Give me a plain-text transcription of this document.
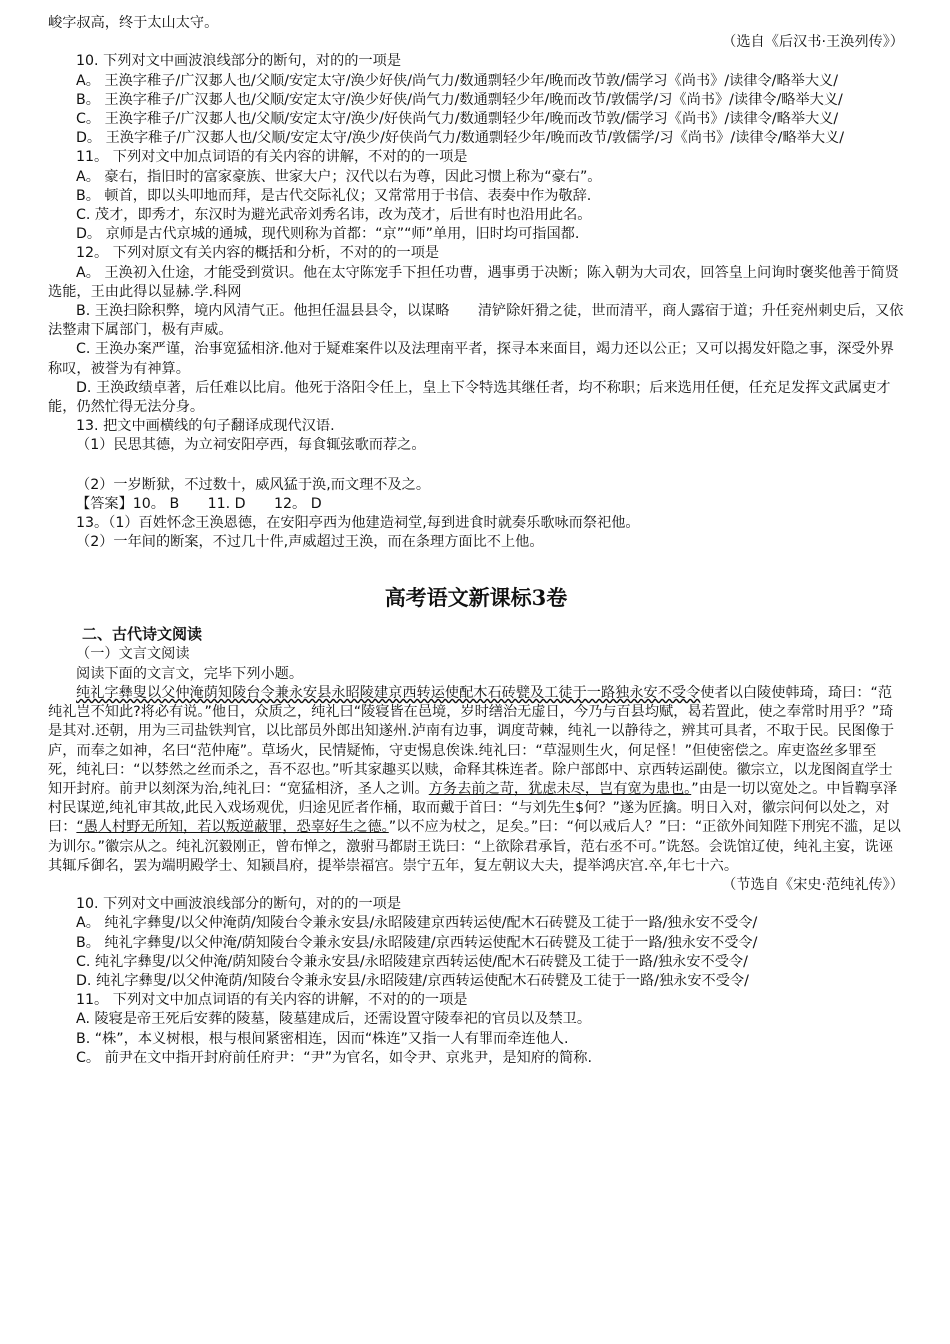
峻字叔高，终于太山太守。

（选自《后汉书·王涣列传》）

10. 下列对文中画波浪线部分的断句，对的的一项是

A。 王涣字稚子/广汉郪人也/父顺/安定太守/涣少好侠/尚气力/数通剽轻少年/晚而改节敦/儒学习《尚书》/读律令/略举大义/

B。 王涣字稚子/广汉郪人也/父顺/安定太守/涣少好侠/尚气力/数通剽轻少年/晚而改节/敦儒学/习《尚书》/读律令/略举大义/

C。 王涣字稚子/广汉郪人也/父顺/安定太守/涣少/好侠尚气力/数通剽轻少年/晚而改节敦/儒学习《尚书》/读律令/略举大义/

D。 王涣字稚子/广汉郪人也/父顺/安定太守/涣少/好侠尚气力/数通剽轻少年/晚而改节/敦儒学/习《尚书》/读律令/略举大义/

11。 下列对文中加点词语的有关内容的讲解，不对的的一项是

A。 豪右，指旧时的富家豪族、世家大户；汉代以右为尊，因此习惯上称为“豪右”。

B。 顿首，即以头叩地而拜，是古代交际礼仪；又常常用于书信、表奏中作为敬辞.

C. 茂才，即秀才，东汉时为避光武帝刘秀名讳，改为茂才，后世有时也沿用此名。

D。 京师是古代京城的通城，现代则称为首都：“京”“师”单用，旧时均可指国都.

12。 下列对原文有关内容的概括和分析，不对的的一项是

A。 王涣初入仕途，才能受到赏识。他在太守陈宠手下担任功曹，遇事勇于决断；陈入朝为大司农，回答皇上问询时褒奖他善于简贤选能，王由此得以显赫.学.科网

B. 王涣扫除积弊，境内风清气正。他担任温县县令，以谋略　　清铲除奸猾之徒，世而清平，商人露宿于道；升任兖州刺史后，又依法整肃下属部门，极有声威。

C. 王涣办案严谨，治事宽猛相济.他对于疑难案件以及法理南平者，探寻本来面目，竭力还以公正；又可以揭发奸隐之事，深受外界称叹，被誉为有神算。

D. 王涣政绩卓著，后任难以比肩。他死于洛阳令任上，皇上下令特选其继任者，均不称职；后来选用任便，任充足发挥文武属吏才能，仍然忙得无法分身。

13. 把文中画横线的句子翻译成现代汉语.

（1）民思其德，为立祠安阳亭西，每食辄弦歌而荐之。

（2）一岁断狱，不过数十，威风猛于涣,而文理不及之。

【答案】10。 B　　11. D　　12。 D

13。（1）百姓怀念王涣恩德，在安阳亭西为他建造祠堂,每到进食时就奏乐歌咏而祭祀他。

（2）一年间的断案，不过几十件,声威超过王涣，而在条理方面比不上他。

高考语文新课标3卷
二、古代诗文阅读

（一）文言文阅读

阅读下面的文言文，完毕下列小题。

纯礼字彝叟以父仲淹荫知陵台令兼永安县永昭陵建京西转运使配木石砖甓及工徒于一路独永安不受令使者以白陵使韩琦，琦曰：“范纯礼岂不知此?将必有说。”他日，众质之，纯礼曰“陵寝皆在邑境，岁时缮治无虚日，今乃与百县均赋，曷若置此，使之奉常时用乎？”琦是其对.还朝，用为三司盐铁判官，以比部员外郎出知遂州.泸南有边事，调度苛棘，纯礼一以静待之，辨其可具者，不取于民。民图像于庐，而奉之如神，名曰“范仲庵”。草场火，民情疑怖，守吏惕息俟诛.纯礼曰：“草湿则生火，何足怪！”但使密偿之。库吏盗丝多罪至死，纯礼曰：“以棼然之丝而杀之，吾不忍也。”听其家趣买以赎，命释其株连者。除户部郎中、京西转运副使。徽宗立，以龙图阁直学士知开封府。前尹以刻深为治,纯礼曰：“宽猛相济，圣人之训。方务去前之苛，犹虑未尽，岂有宽为患也。”由是一切以宽处之。中旨鞫享泽村民谋逆,纯礼审其故,此民入戏场观优，归途见匠者作桶，取而戴于首曰：“与刘先生$何？”遂为匠擒。明日入对，徽宗问何以处之，对曰：“愚人村野无所知，若以叛逆蔽罪，恐辜好生之德。”以不应为杖之，足矣。”曰：“何以戒后人？”曰：“正欲外间知陛下刑宪不滥，足以为训尔。”徽宗从之。纯礼沉毅刚正，曾布惮之，激驸马都尉王诜曰：“上欲除君承旨，范右丞不可。”诜怒。会诜馆辽使，纯礼主宴，诜诬其辄斥御名，罢为端明殿学士、知颍昌府，提举崇福宫。崇宁五年，复左朝议大夫，提举鸿庆宫.卒,年七十六。

（节选自《宋史·范纯礼传》）

10. 下列对文中画波浪线部分的断句，对的的一项是

A。 纯礼字彝叟/以父仲淹荫/知陵台令兼永安县/永昭陵建京西转运使/配木石砖甓及工徒于一路/独永安不受令/

B。 纯礼字彝叟/以父仲淹/荫知陵台令兼永安县/永昭陵建/京西转运使配木石砖甓及工徒于一路/独永安不受令/

C. 纯礼字彝叟/以父仲淹/荫知陵台令兼永安县/永昭陵建京西转运使/配木石砖甓及工徒于一路/独永安不受令/

D. 纯礼字彝叟/以父仲淹荫/知陵台令兼永安县/永昭陵建/京西转运使配木石砖甓及工徒于一路/独永安不受令/

11。 下列对文中加点词语的有关内容的讲解，不对的的一项是

A. 陵寝是帝王死后安葬的陵墓，陵墓建成后，还需设置守陵奉祀的官员以及禁卫。

B. “株”，本义树根，根与根间紧密相连，因而“株连”又指一人有罪而牵连他人.

C。 前尹在文中指开封府前任府尹：“尹”为官名，如令尹、京兆尹，是知府的简称.
